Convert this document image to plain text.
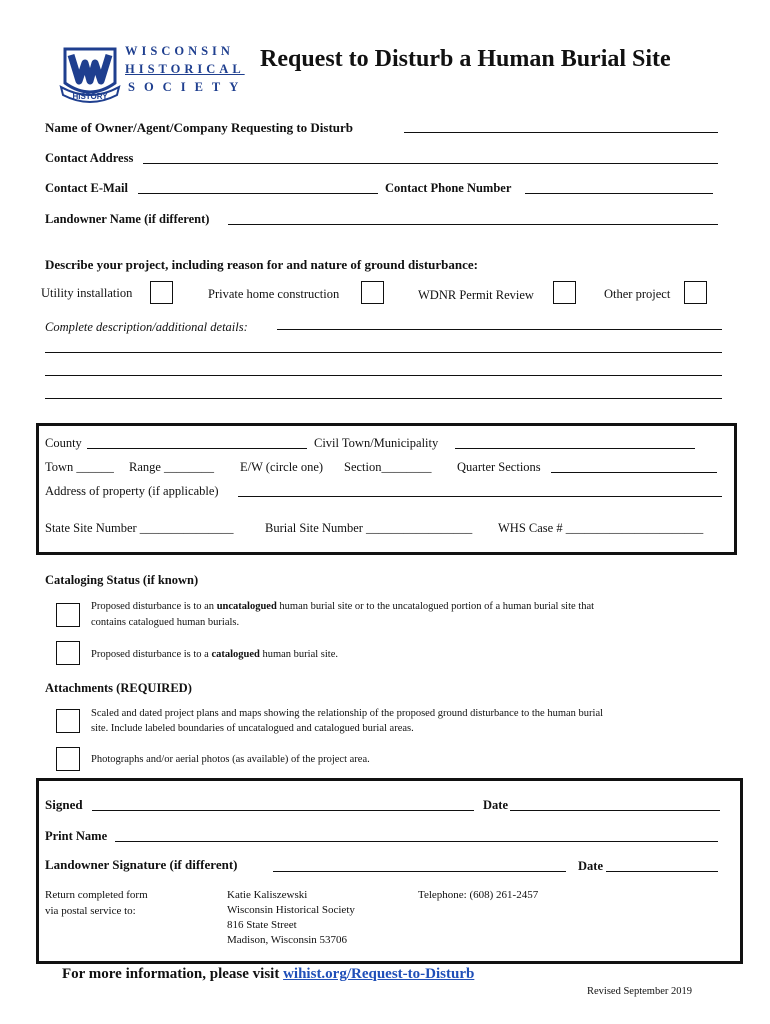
HISTORY
WISCONSIN
HISTORICAL
SOCIETY
Request to Disturb a Human Burial Site
Name of Owner/Agent/Company Requesting to Disturb
Contact Address
Contact E-Mail	Contact Phone Number
Landowner Name (if different)
Describe your project, including reason for and nature of ground disturbance:
Utility installation	Private home construction	WDNR Permit Review	Other project
Complete description/additional details:
County	Civil Town/Municipality
Town ______ Range ________ E/W (circle one) Section________ Quarter Sections
Address of property (if applicable)
State Site Number _______________	Burial Site Number _________________ WHS Case # ______________________
Cataloging Status (if known)
Proposed disturbance is to an uncatalogued human burial site or to the uncatalogued portion of a human burial site that
contains catalogued human burials.
Proposed disturbance is to a catalogued human burial site.
Attachments (REQUIRED)
Scaled and dated project plans and maps showing the relationship of the proposed ground disturbance to the human burial
site. Include labeled boundaries of uncatalogued and catalogued burial areas.
Photographs and/or aerial photos (as available) of the project area.
Signed	Date
Print Name
Landowner Signature (if different)	Date
Return completed form
via postal service to:
Katie Kaliszewski
Wisconsin Historical Society
816 State Street
Madison, Wisconsin 53706
Telephone: (608) 261-2457
For more information, please visit wihist.org/Request-to-Disturb
Revised September 2019
